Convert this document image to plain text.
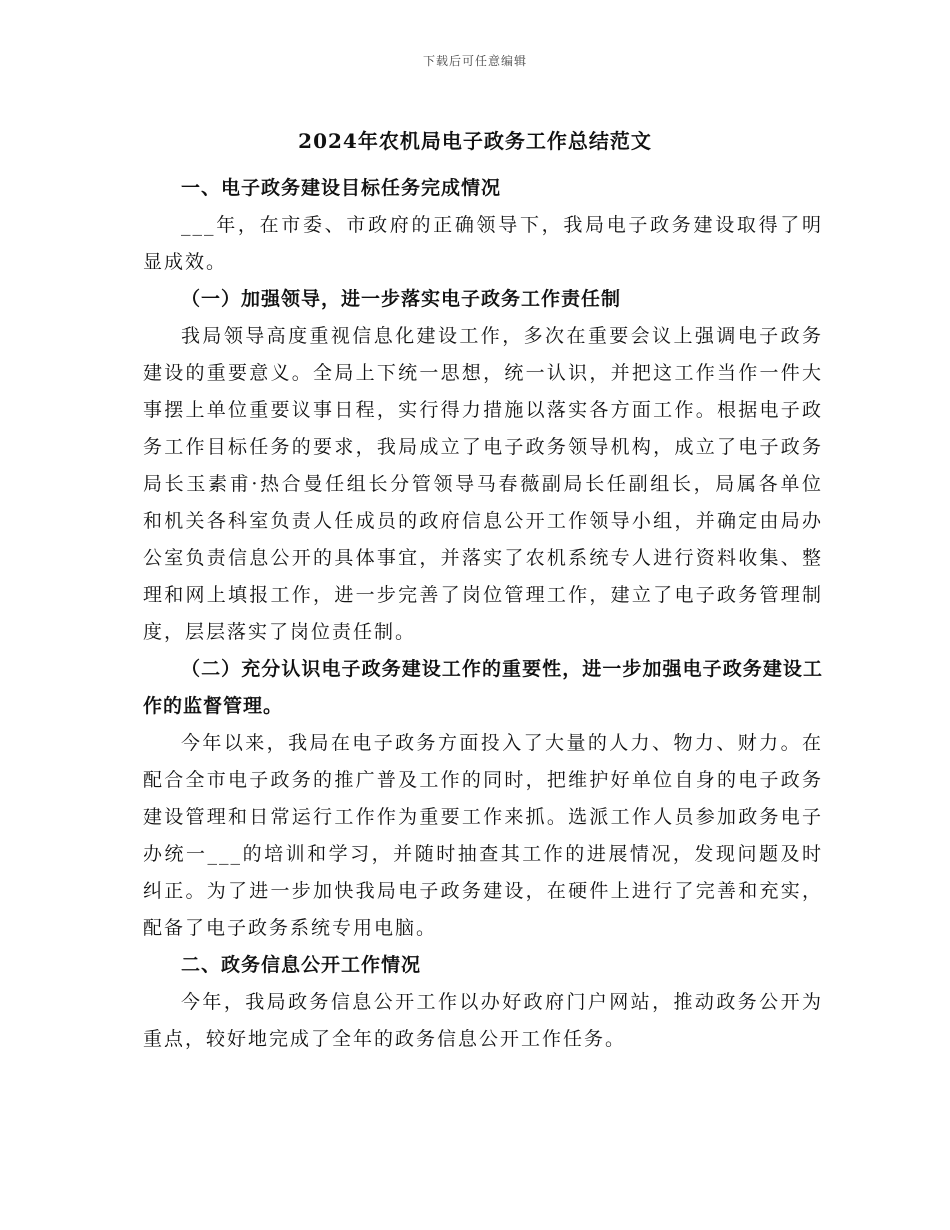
下载后可任意编辑
2024年农机局电子政务工作总结范文

一、电子政务建设目标任务完成情况

___年，在市委、市政府的正确领导下，我局电子政务建设取得了明显成效。

（一）加强领导，进一步落实电子政务工作责任制

我局领导高度重视信息化建设工作，多次在重要会议上强调电子政务建设的重要意义。全局上下统一思想，统一认识，并把这工作当作一件大事摆上单位重要议事日程，实行得力措施以落实各方面工作。根据电子政务工作目标任务的要求，我局成立了电子政务领导机构，成立了电子政务局长玉素甫·热合曼任组长分管领导马春薇副局长任副组长，局属各单位和机关各科室负责人任成员的政府信息公开工作领导小组，并确定由局办公室负责信息公开的具体事宜，并落实了农机系统专人进行资料收集、整理和网上填报工作，进一步完善了岗位管理工作，建立了电子政务管理制度，层层落实了岗位责任制。

（二）充分认识电子政务建设工作的重要性，进一步加强电子政务建设工作的监督管理。

今年以来，我局在电子政务方面投入了大量的人力、物力、财力。在配合全市电子政务的推广普及工作的同时，把维护好单位自身的电子政务建设管理和日常运行工作作为重要工作来抓。选派工作人员参加政务电子办统一___的培训和学习，并随时抽查其工作的进展情况，发现问题及时纠正。为了进一步加快我局电子政务建设，在硬件上进行了完善和充实，配备了电子政务系统专用电脑。

二、政务信息公开工作情况

今年，我局政务信息公开工作以办好政府门户网站，推动政务公开为重点，较好地完成了全年的政务信息公开工作任务。
